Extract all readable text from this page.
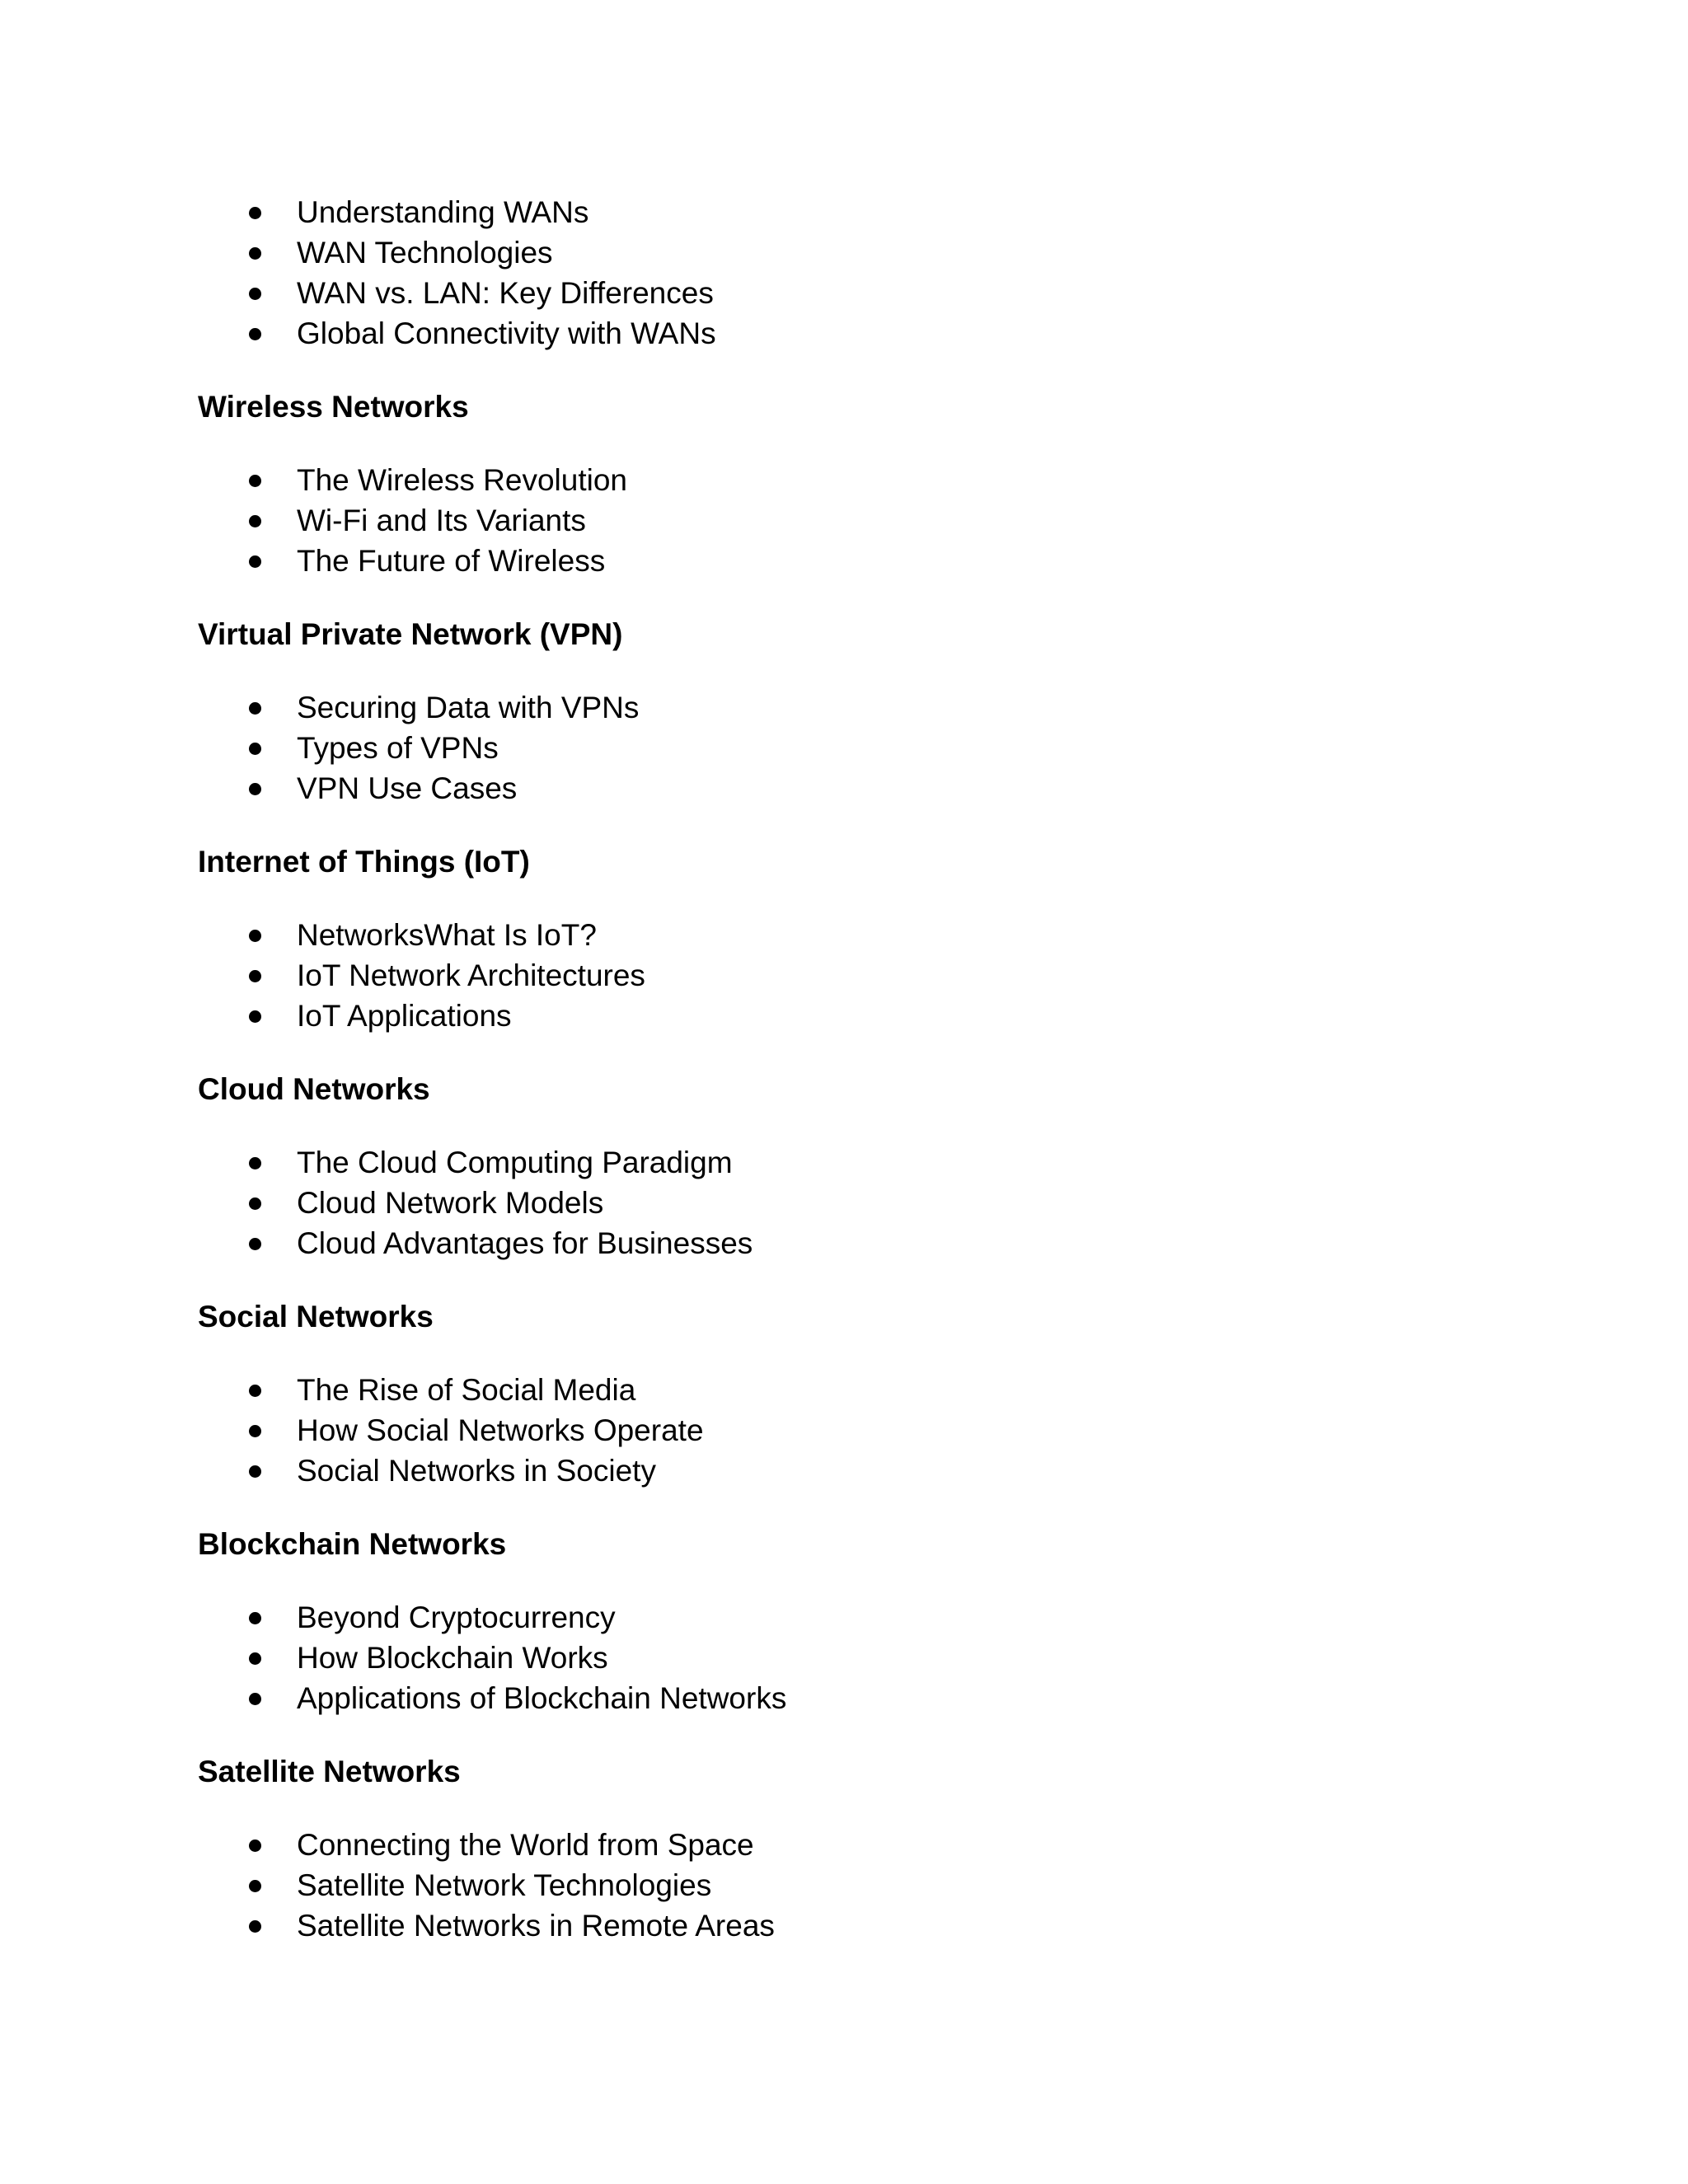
Understanding WANs
WAN Technologies
WAN vs. LAN: Key Differences
Global Connectivity with WANs
Wireless Networks
The Wireless Revolution
Wi-Fi and Its Variants
The Future of Wireless
Virtual Private Network (VPN)
Securing Data with VPNs
Types of VPNs
VPN Use Cases
Internet of Things (IoT)
NetworksWhat Is IoT?
IoT Network Architectures
IoT Applications
Cloud Networks
The Cloud Computing Paradigm
Cloud Network Models
Cloud Advantages for Businesses
Social Networks
The Rise of Social Media
How Social Networks Operate
Social Networks in Society
Blockchain Networks
Beyond Cryptocurrency
How Blockchain Works
Applications of Blockchain Networks
Satellite Networks
Connecting the World from Space
Satellite Network Technologies
Satellite Networks in Remote Areas
